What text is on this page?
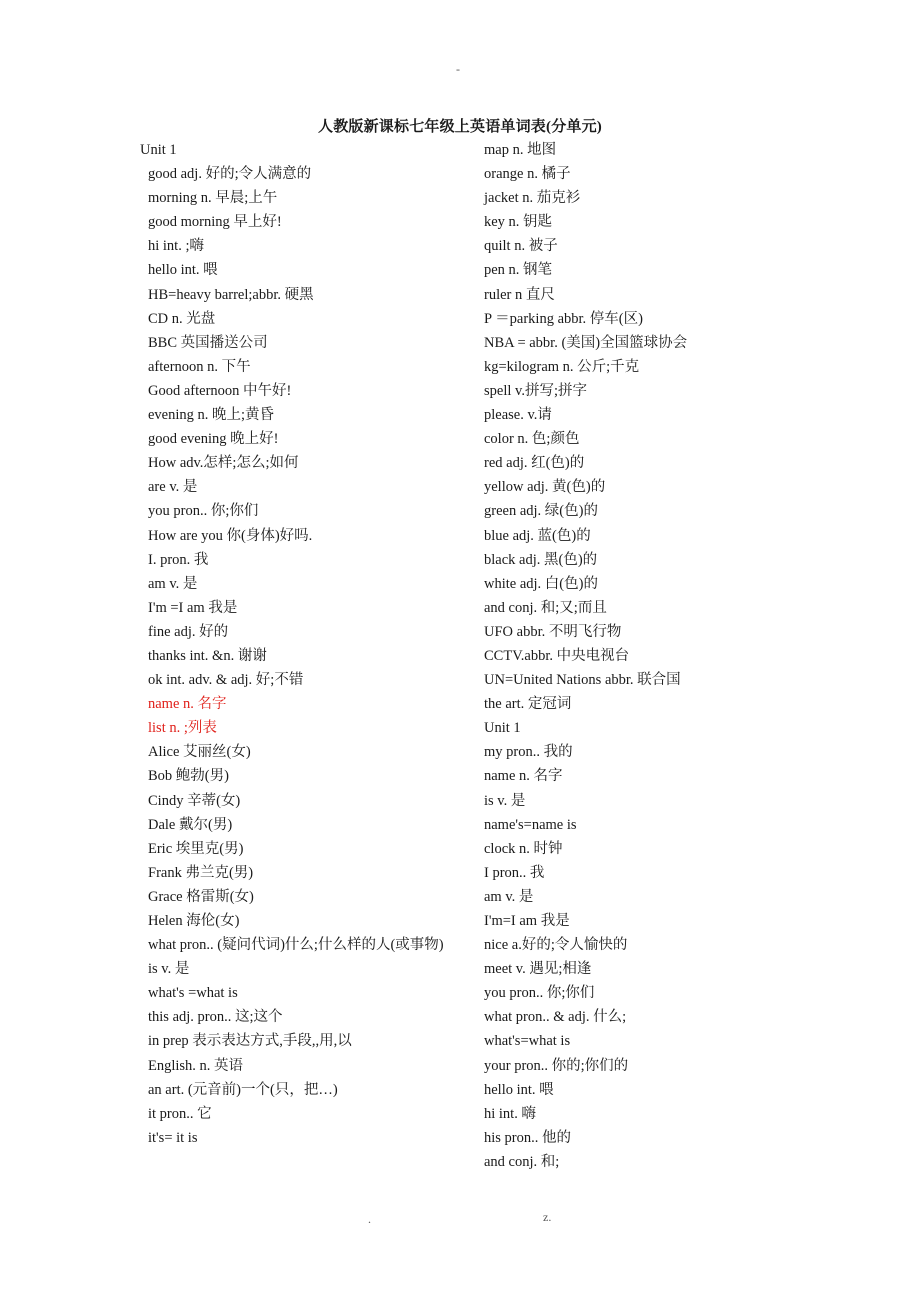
-
人教版新课标七年级上英语单词表(分单元)
Unit 1
good adj. 好的;令人满意的
morning n. 早晨;上午
good morning 早上好!
hi int. ;嗨
hello int. 喂
HB=heavy barrel;abbr. 硬黑
CD n. 光盘
BBC 英国播送公司
afternoon n. 下午
Good afternoon 中午好!
evening n. 晚上;黄昏
good evening 晚上好!
How adv.怎样;怎么;如何
are v. 是
you pron.. 你;你们
How are you 你(身体)好吗.
I. pron. 我
am v. 是
I'm =I am 我是
fine adj. 好的
thanks int. &n. 谢谢
ok int. adv. & adj. 好;不错
name n. 名字
list n. ;列表
Alice 艾丽丝(女)
Bob 鲍勃(男)
Cindy 辛蒂(女)
Dale 戴尔(男)
Eric 埃里克(男)
Frank 弗兰克(男)
Grace 格雷斯(女)
Helen 海伦(女)
what pron.. (疑问代词)什么;什么样的人(或事物)
is v. 是
what's =what is
this adj. pron.. 这;这个
in prep 表示表达方式,手段,,用,以
English. n. 英语
an art. (元音前)一个(只，把…)
it pron.. 它
it's= it is
map n. 地图
orange n. 橘子
jacket n. 茄克衫
key n. 钥匙
quilt n. 被子
pen n. 钢笔
ruler n 直尺
P ＝parking abbr. 停车(区)
NBA = abbr. (美国)全国篮球协会
kg=kilogram n. 公斤;千克
spell v.拼写;拼字
please. v.请
color n. 色;颜色
red adj. 红(色)的
yellow adj. 黄(色)的
green adj. 绿(色)的
blue adj. 蓝(色)的
black adj. 黑(色)的
white adj. 白(色)的
and conj. 和;又;而且
UFO abbr. 不明飞行物
CCTV.abbr. 中央电视台
UN=United Nations abbr. 联合国
the art. 定冠词
Unit 1
my pron.. 我的
name n. 名字
is v. 是
name's=name is
clock n. 时钟
I pron.. 我
am v. 是
I'm=I am 我是
nice a.好的;令人愉快的
meet v. 遇见;相逢
you pron.. 你;你们
what pron.. & adj. 什么;
what's=what is
your pron.. 你的;你们的
hello int. 喂
hi int. 嗨
his pron.. 他的
and conj. 和;
.	z.
